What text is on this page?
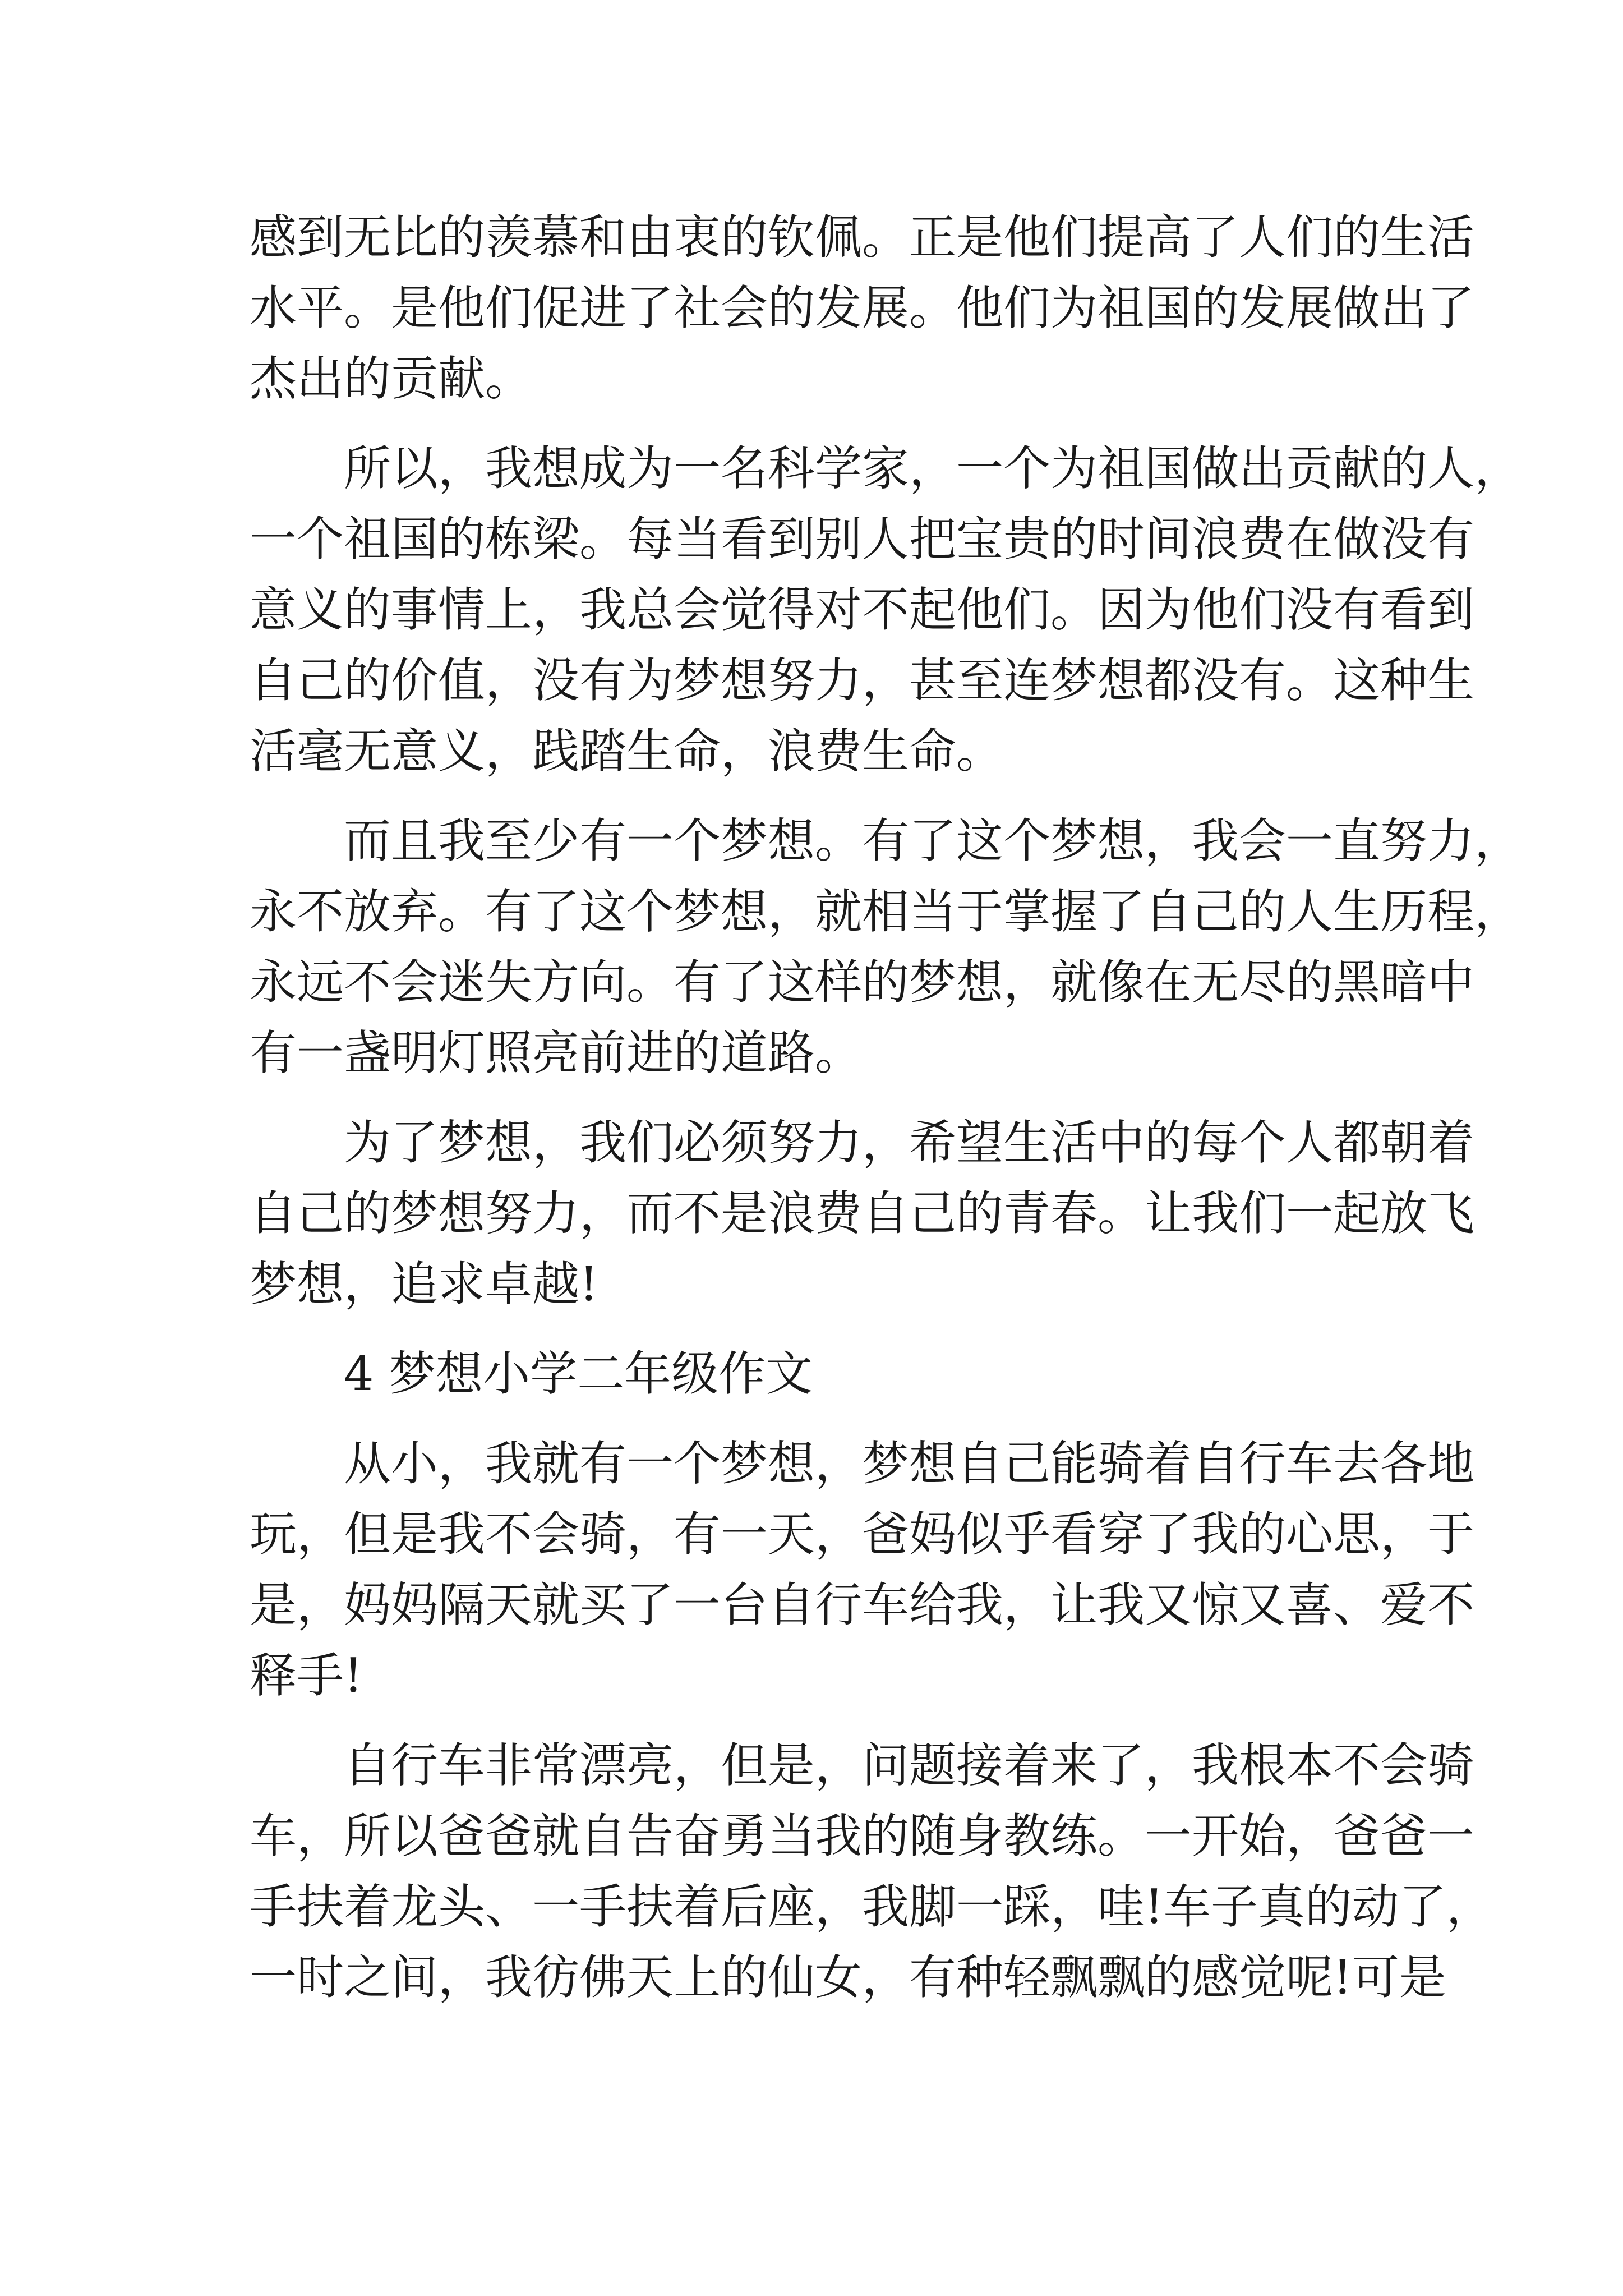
感到无比的羡慕和由衷的钦佩。正是他们提高了人们的生活
水平。是他们促进了社会的发展。他们为祖国的发展做出了
杰出的贡献。
所以，我想成为一名科学家，一个为祖国做出贡献的人，
一个祖国的栋梁。每当看到别人把宝贵的时间浪费在做没有
意义的事情上，我总会觉得对不起他们。因为他们没有看到
自己的价值，没有为梦想努力，甚至连梦想都没有。这种生
活毫无意义，践踏生命，浪费生命。
而且我至少有一个梦想。有了这个梦想，我会一直努力，
永不放弃。有了这个梦想，就相当于掌握了自己的人生历程，
永远不会迷失方向。有了这样的梦想，就像在无尽的黑暗中
有一盏明灯照亮前进的道路。
为了梦想，我们必须努力，希望生活中的每个人都朝着
自己的梦想努力，而不是浪费自己的青春。让我们一起放飞
梦想，追求卓越!
4 梦想小学二年级作文
从小，我就有一个梦想，梦想自己能骑着自行车去各地
玩，但是我不会骑，有一天，爸妈似乎看穿了我的心思，于
是，妈妈隔天就买了一台自行车给我，让我又惊又喜、爱不
释手!
自行车非常漂亮，但是，问题接着来了，我根本不会骑
车，所以爸爸就自告奋勇当我的随身教练。一开始，爸爸一
手扶着龙头、一手扶着后座，我脚一踩，哇!车子真的动了，
一时之间，我彷佛天上的仙女，有种轻飘飘的感觉呢!可是
